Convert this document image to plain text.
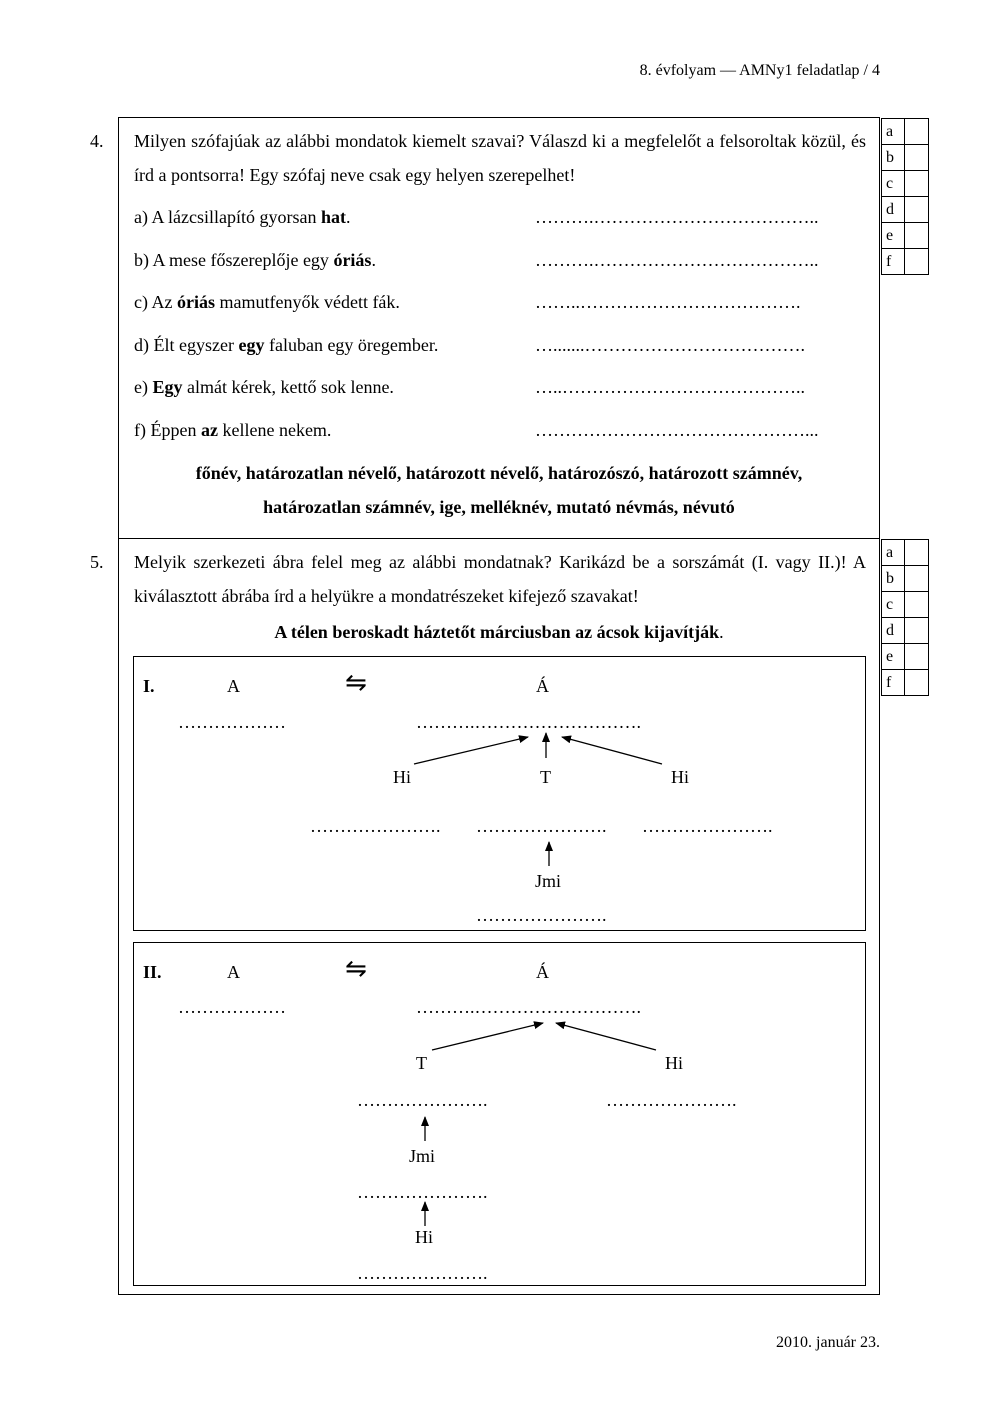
8. évfolyam — AMNy1 feladatlap / 4
4. Milyen szófajúak az alábbi mondatok kiemelt szavai? Válaszd ki a megfelelőt a felsoroltak közül, és írd a pontsorra! Egy szófaj neve csak egy helyen szerepelhet!
a) A lázcsillapító gyorsan hat.	……….………………………………..
b) A mese főszereplője egy óriás.	……….………………………………..
c) Az óriás mamutfenyők védett fák.	……..……………………………….
d) Élt egyszer egy faluban egy öregember.	….......……………………………….
e) Egy almát kérek, kettő sok lenne.	…..…………………………………..
f) Éppen az kellene nekem.	………………………………………...
főnév, határozatlan névelő, határozott névelő, határozószó, határozott számnév,
határozatlan számnév, ige, melléknév, mutató névmás, névutó
a	
b	
c	
d	
e	
f	
5. Melyik szerkezeti ábra felel meg az alábbi mondatnak? Karikázd be a sorszámát (I. vagy II.)! A kiválasztott ábrába írd a helyükre a mondatrészeket kifejező szavakat!
A télen beroskadt háztetőt márciusban az ácsok kijavítják.
a	
b	
c	
d	
e	
f	
I.	A	⇋	Á
………………	……….……………………….
Hi	T	Hi
…………………. …………………. ………………….
Jmi
………………….
II.	A	⇋	Á
………………	……….……………………….
T	Hi
………………….	………………….
Jmi
………………….
Hi
………………….
2010. január 23.
